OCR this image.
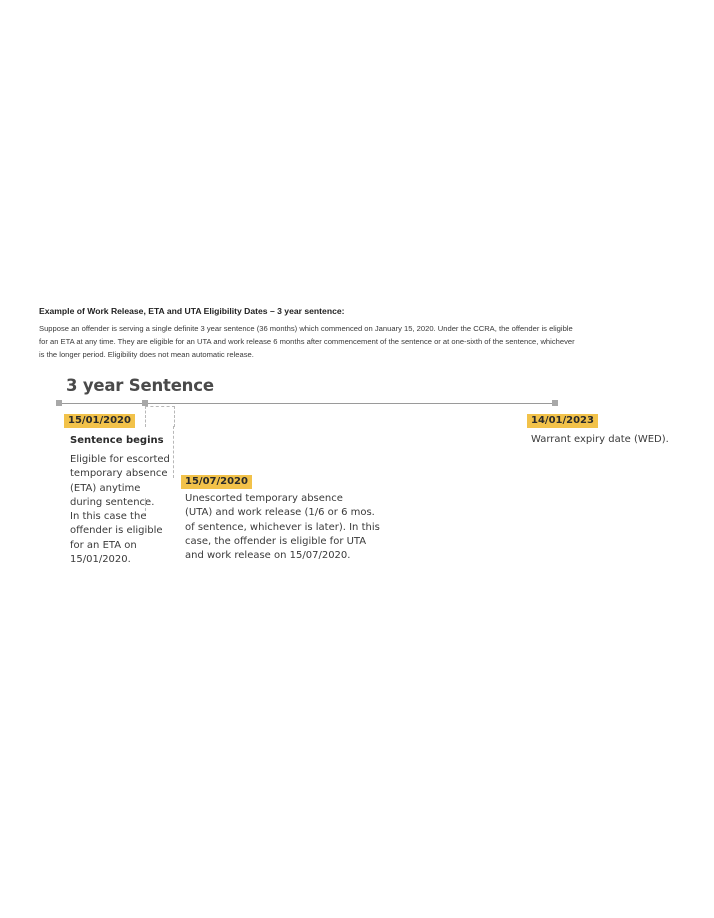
Example of Work Release, ETA and UTA Eligibility Dates – 3 year sentence:
Suppose an offender is serving a single definite 3 year sentence (36 months) which commenced on January 15, 2020. Under the CCRA, the offender is eligible
for an ETA at any time. They are eligible for an UTA and work release 6 months after commencement of the sentence or at one-sixth of the sentence, whichever
is the longer period. Eligibility does not mean automatic release.
3 year Sentence
15/01/2020
Sentence begins
Eligible for escorted
temporary absence
(ETA) anytime
during sentence.
In this case the
offender is eligible
for an ETA on
15/01/2020.
15/07/2020
Unescorted temporary absence
(UTA) and work release (1/6 or 6 mos.
of sentence, whichever is later). In this
case, the offender is eligible for UTA
and work release on 15/07/2020.
14/01/2023
Warrant expiry date (WED).
